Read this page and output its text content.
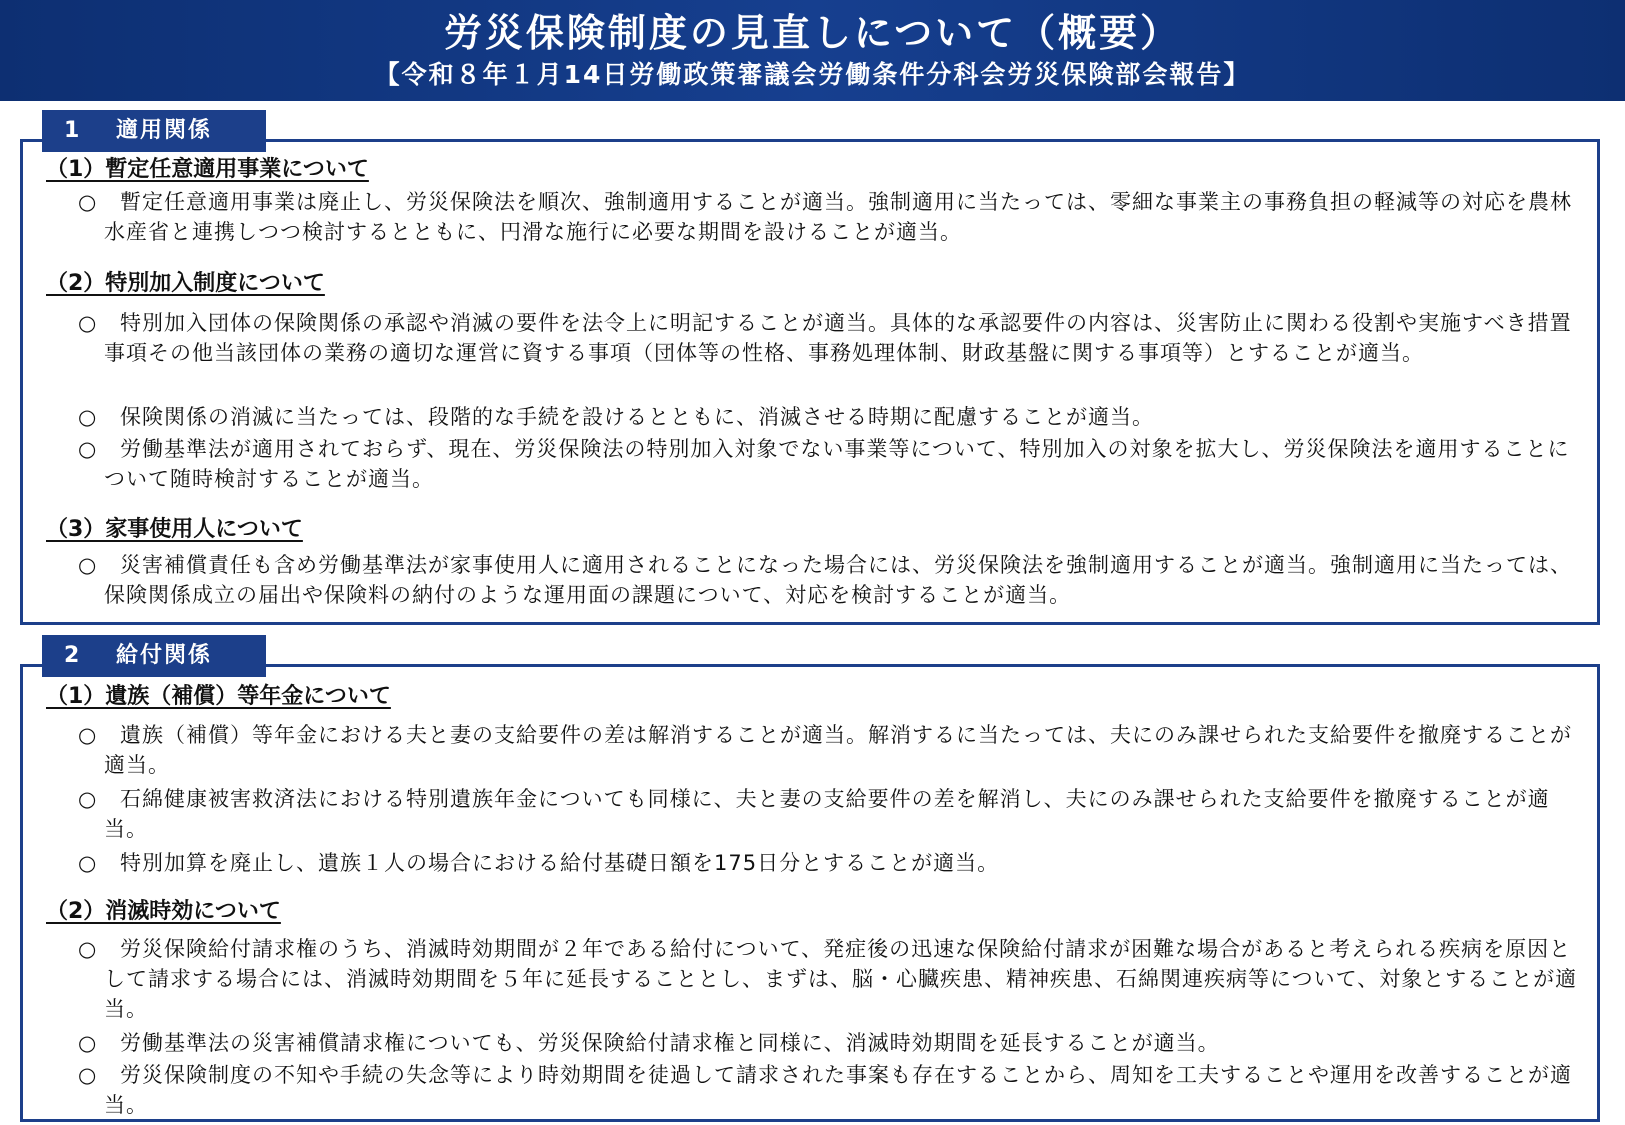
労災保険制度の見直しについて（概要）
【令和８年１月14日労働政策審議会労働条件分科会労災保険部会報告】
1 適用関係
（1）暫定任意適用事業について
○	暫定任意適用事業は廃止し、労災保険法を順次、強制適用することが適当。強制適用に当たっては、零細な事業主の事務負担の軽減等の対応を農林水産省と連携しつつ検討するとともに、円滑な施行に必要な期間を設けることが適当。
（2）特別加入制度について
○	特別加入団体の保険関係の承認や消滅の要件を法令上に明記することが適当。具体的な承認要件の内容は、災害防止に関わる役割や実施すべき措置事項その他当該団体の業務の適切な運営に資する事項（団体等の性格、事務処理体制、財政基盤に関する事項等）とすることが適当。
○	保険関係の消滅に当たっては、段階的な手続を設けるとともに、消滅させる時期に配慮することが適当。
○	労働基準法が適用されておらず、現在、労災保険法の特別加入対象でない事業等について、特別加入の対象を拡大し、労災保険法を適用することについて随時検討することが適当。
（3）家事使用人について
○	災害補償責任も含め労働基準法が家事使用人に適用されることになった場合には、労災保険法を強制適用することが適当。強制適用に当たっては、保険関係成立の届出や保険料の納付のような運用面の課題について、対応を検討することが適当。
2 給付関係
（1）遺族（補償）等年金について
○	遺族（補償）等年金における夫と妻の支給要件の差は解消することが適当。解消するに当たっては、夫にのみ課せられた支給要件を撤廃することが適当。
○	石綿健康被害救済法における特別遺族年金についても同様に、夫と妻の支給要件の差を解消し、夫にのみ課せられた支給要件を撤廃することが適当。
○	特別加算を廃止し、遺族１人の場合における給付基礎日額を175日分とすることが適当。
（2）消滅時効について
○	労災保険給付請求権のうち、消滅時効期間が２年である給付について、発症後の迅速な保険給付請求が困難な場合があると考えられる疾病を原因として請求する場合には、消滅時効期間を５年に延長することとし、まずは、脳・心臓疾患、精神疾患、石綿関連疾病等について、対象とすることが適当。
○	労働基準法の災害補償請求権についても、労災保険給付請求権と同様に、消滅時効期間を延長することが適当。
○	労災保険制度の不知や手続の失念等により時効期間を徒過して請求された事案も存在することから、周知を工夫することや運用を改善することが適当。
